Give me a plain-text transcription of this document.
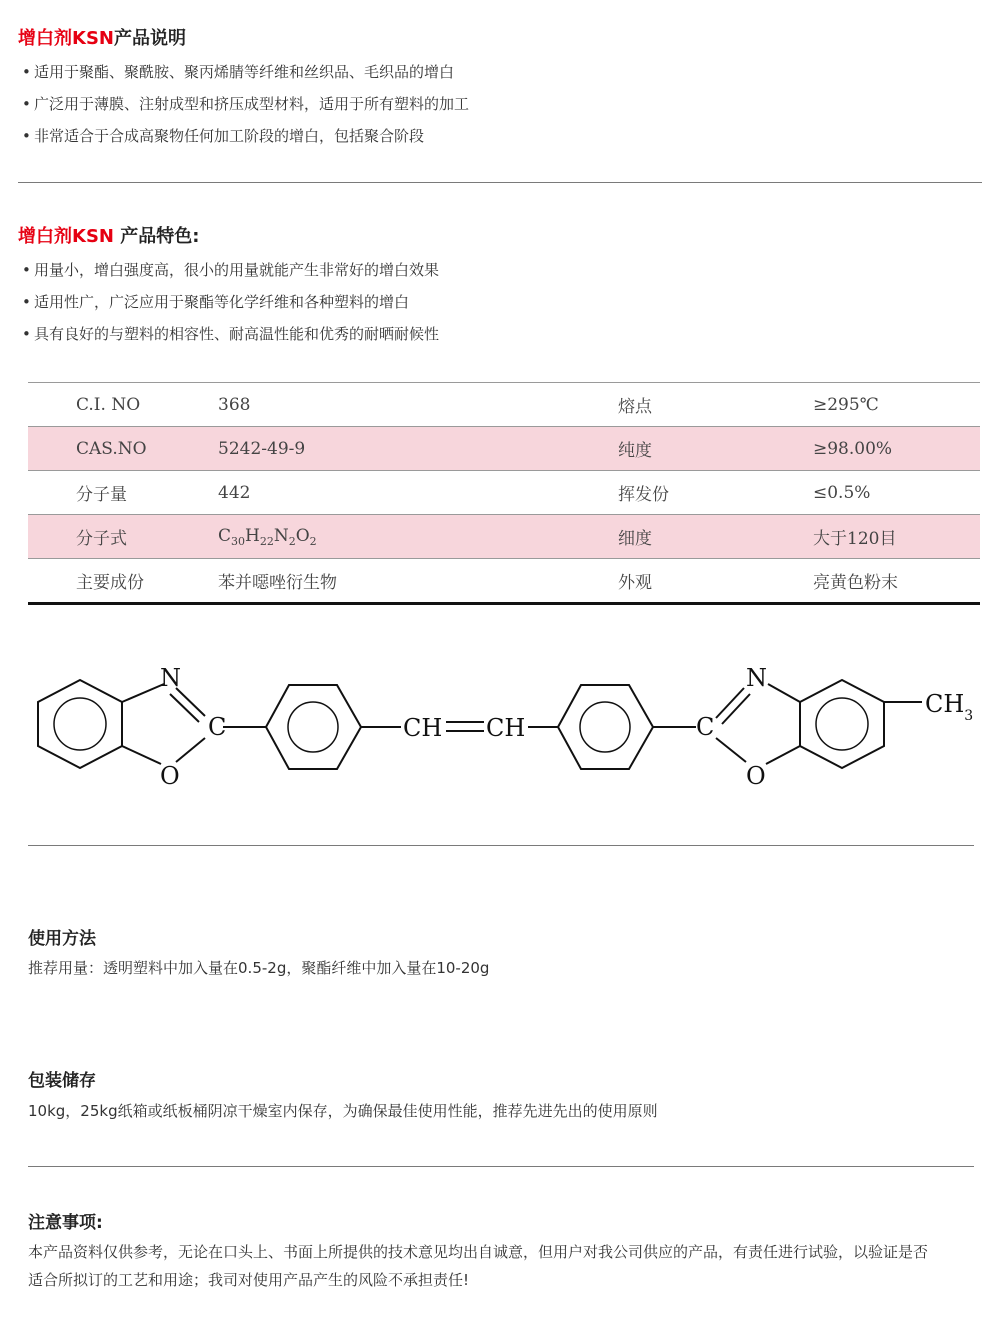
增白剂KSN产品说明
• 适用于聚酯、聚酰胺、聚丙烯腈等纤维和丝织品、毛织品的增白
• 广泛用于薄膜、注射成型和挤压成型材料，适用于所有塑料的加工
• 非常适合于合成高聚物任何加工阶段的增白，包括聚合阶段
增白剂KSN 产品特色:
• 用量小，增白强度高，很小的用量就能产生非常好的增白效果
• 适用性广，广泛应用于聚酯等化学纤维和各种塑料的增白
• 具有良好的与塑料的相容性、耐高温性能和优秀的耐晒耐候性
C.I. NO	368	熔点	≥295℃
CAS.NO	5242-49-9	纯度	≥98.00%
分子量	442	挥发份	≤0.5%
分子式	$C_{30}H_{22}N_2O_2$	细度	大于120目
主要成份	苯并噁唑衍生物	外观	亮黄色粉末
N
O
C	CH CH	C
N
O
$CH_3$
使用方法
推荐用量：透明塑料中加入量在0.5-2g，聚酯纤维中加入量在10-20g
包装储存
10kg，25kg纸箱或纸板桶阴凉干燥室内保存，为确保最佳使用性能，推荐先进先出的使用原则
注意事项:
本产品资料仅供参考，无论在口头上、书面上所提供的技术意见均出自诚意，但用户对我公司供应的产品，有责任进行试验，以验证是否
适合所拟订的工艺和用途；我司对使用产品产生的风险不承担责任!
